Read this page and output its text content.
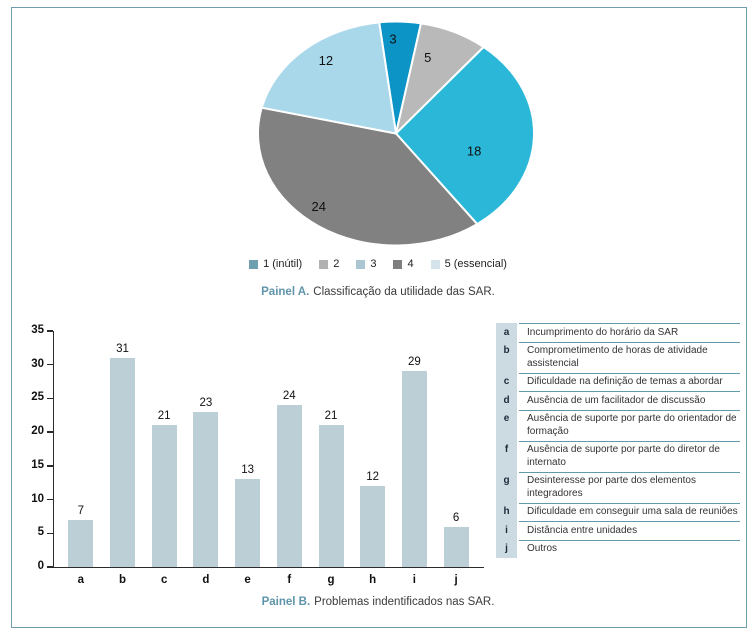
3
5
18
24
12
1 (inútil)	2	3	4	5 (essencial)
Painel A. Classificação da utilidade das SAR.
0
5
10
15
20
25
30
35
7
a
31
b
21
c
23
d
13
e
24
f
21
g
12
h
29
i
6
j
a	Incumprimento do horário da SAR
b	Comprometimento de horas de atividade assistencial
c	Dificuldade na definição de temas a abordar
d	Ausência de um facilitador de discussão
e	Ausência de suporte por parte do orientador de formação
f	Ausência de suporte por parte do diretor de internato
g	Desinteresse por parte dos elementos integradores
h	Dificuldade em conseguir uma sala de reuniões
i	Distância entre unidades
j	Outros
Painel B. Problemas indentificados nas SAR.
